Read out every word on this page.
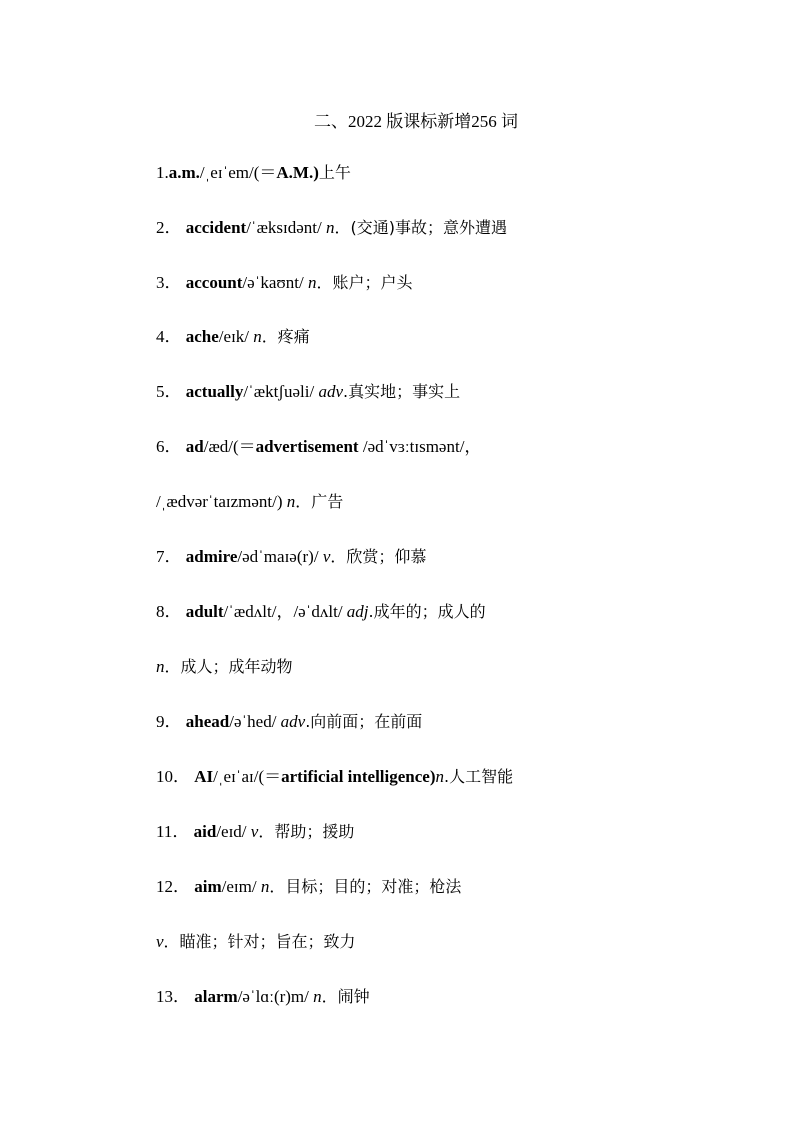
二、2022 版课标新增256 词
1.a.m./ˌeɪˈem/(＝A.M.)上午
2． accident/ˈæksɪdənt/ n．(交通)事故；意外遭遇
3． account/əˈkaʊnt/ n．账户；户头
4． ache/eɪk/ n．疼痛
5． actually/ˈæktʃuəli/ adv.真实地；事实上
6． ad/æd/(＝advertisement /ədˈvɜːtɪsmənt/，
/ˌædvərˈtaɪzmənt/) n．广告
7． admire/ədˈmaɪə(r)/ v．欣赏；仰慕
8． adult/ˈædʌlt/，/əˈdʌlt/ adj.成年的；成人的
n．成人；成年动物
9． ahead/əˈhed/ adv.向前面；在前面
10． AI/ˌeɪˈaɪ/(＝artificial intelligence)n.人工智能
11． aid/eɪd/ v．帮助；援助
12． aim/eɪm/ n．目标；目的；对准；枪法
v．瞄准；针对；旨在；致力
13． alarm/əˈlɑː(r)m/ n．闹钟
